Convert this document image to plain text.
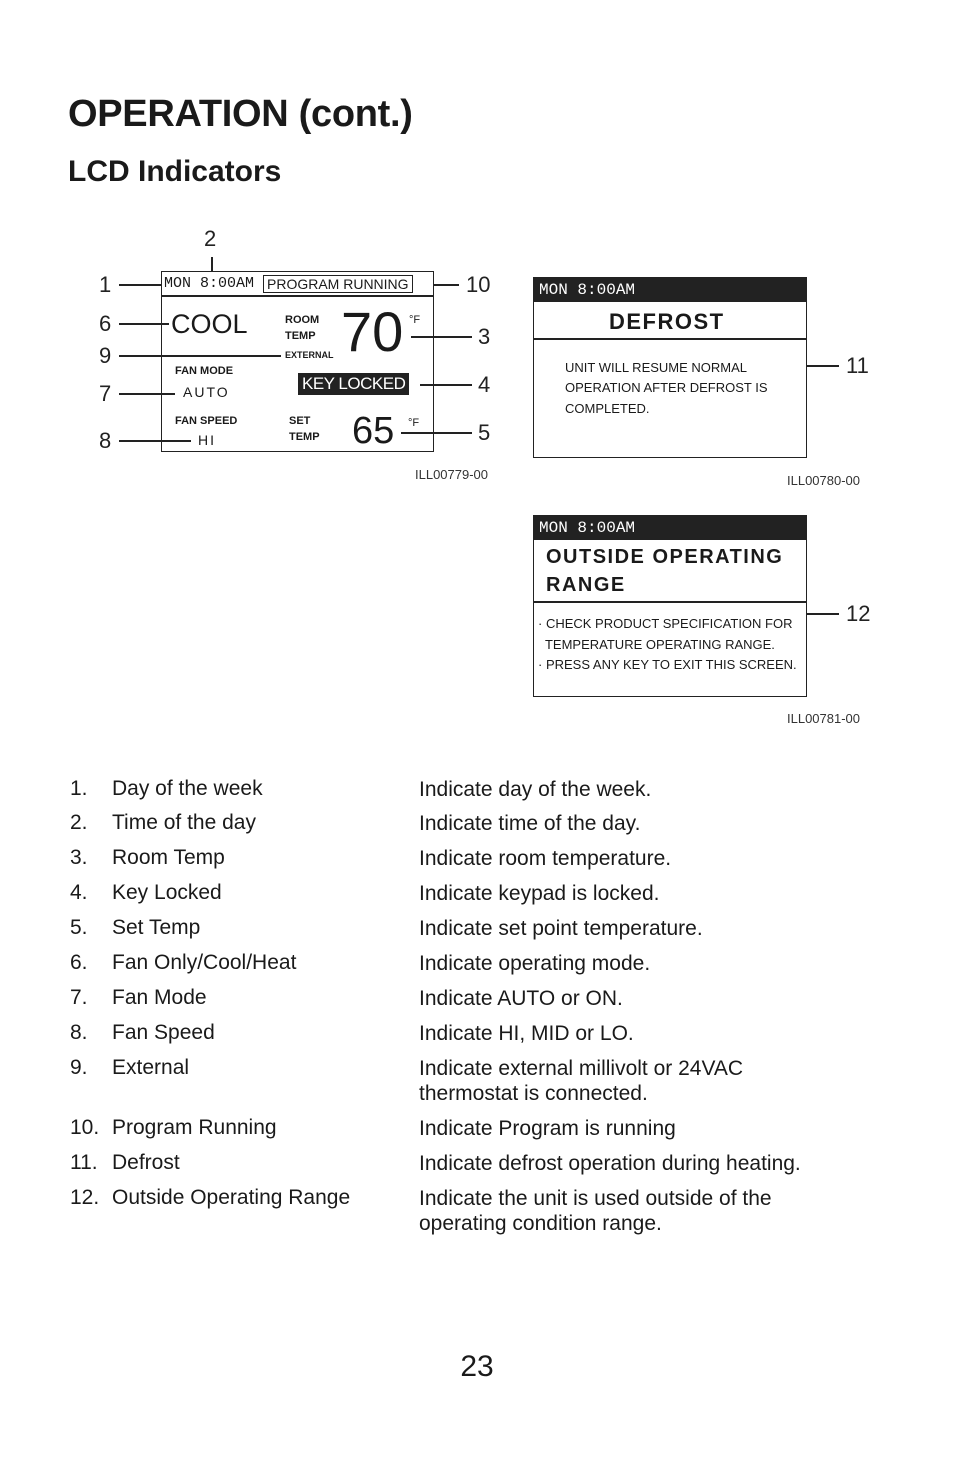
OPERATION (cont.)
LCD Indicators
MON 8:00AM PROGRAM RUNNING
COOL	ROOM
TEMP
EXTERNAL 70 °F
FAN MODE
AUTO	KEY LOCKED
FAN SPEED
HI
SET
TEMP 65 °F
ILL00779-00
2
1
6
9
7
8
10
3
4
5
MON 8:00AM
DEFROST
UNIT WILL RESUME NORMAL
OPERATION AFTER DEFROST IS
COMPLETED.
11
ILL00780-00
MON 8:00AM
OUTSIDE OPERATING
RANGE
· CHECK PRODUCT SPECIFICATION FOR
TEMPERATURE OPERATING RANGE.
· PRESS ANY KEY TO EXIT THIS SCREEN.
12
ILL00781-00
1. Day of the week	Indicate day of the week.
2. Time of the day	Indicate time of the day.
3. Room Temp	Indicate room temperature.
4. Key Locked	Indicate keypad is locked.
5. Set Temp	Indicate set point temperature.
6. Fan Only/Cool/Heat	Indicate operating mode.
7. Fan Mode	Indicate AUTO or ON.
8. Fan Speed	Indicate HI, MID or LO.
9. External	Indicate external millivolt or 24VAC thermostat is connected.
10. Program Running	Indicate Program is running
11. Defrost	Indicate defrost operation during heating.
12. Outside Operating Range	Indicate the unit is used outside of the operating condition range.
23
